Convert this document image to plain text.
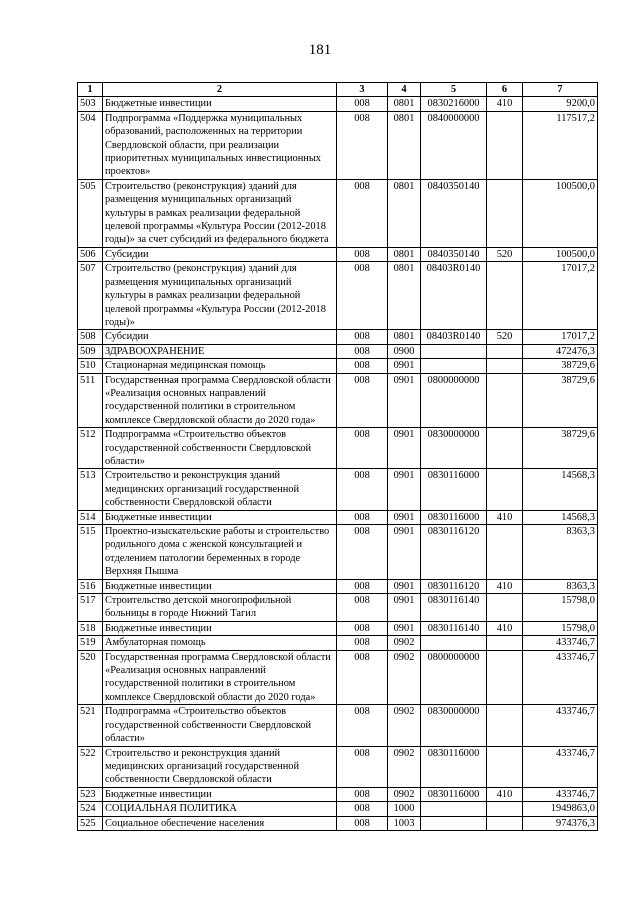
181
1	2	3	4	5	6	7
503	Бюджетные инвестиции	008	0801	0830216000	410	9200,0
504	Подпрограмма «Поддержка муниципальных образований, расположенных на территории Свердловской области, при реализации приоритетных муниципальных инвестиционных проектов»	008	0801	0840000000		117517,2
505	Строительство (реконструкция) зданий для размещения муниципальных организаций культуры в рамках реализации федеральной целевой программы «Культура России (2012-2018 годы)» за счет субсидий из федерального бюджета	008	0801	0840350140		100500,0
506	Субсидии	008	0801	0840350140	520	100500,0
507	Строительство (реконструкция) зданий для размещения муниципальных организаций культуры в рамках реализации федеральной целевой программы «Культура России (2012-2018 годы)»	008	0801	08403R0140		17017,2
508	Субсидии	008	0801	08403R0140	520	17017,2
509	ЗДРАВООХРАНЕНИЕ	008	0900			472476,3
510	Стационарная медицинская помощь	008	0901			38729,6
511	Государственная программа Свердловской области «Реализация основных направлений государственной политики в строительном комплексе Свердловской области до 2020 года»	008	0901	0800000000		38729,6
512	Подпрограмма «Строительство объектов государственной собственности Свердловской области»	008	0901	0830000000		38729,6
513	Строительство и реконструкция зданий медицинских организаций государственной собственности Свердловской области	008	0901	0830116000		14568,3
514	Бюджетные инвестиции	008	0901	0830116000	410	14568,3
515	Проектно-изыскательские работы и строительство родильного дома с женской консультацией и отделением патологии беременных в городе Верхняя Пышма	008	0901	0830116120		8363,3
516	Бюджетные инвестиции	008	0901	0830116120	410	8363,3
517	Строительство детской многопрофильной больницы в городе Нижний Тагил	008	0901	0830116140		15798,0
518	Бюджетные инвестиции	008	0901	0830116140	410	15798,0
519	Амбулаторная помощь	008	0902			433746,7
520	Государственная программа Свердловской области «Реализация основных направлений государственной политики в строительном комплексе Свердловской области до 2020 года»	008	0902	0800000000		433746,7
521	Подпрограмма «Строительство объектов государственной собственности Свердловской области»	008	0902	0830000000		433746,7
522	Строительство и реконструкция зданий медицинских организаций государственной собственности Свердловской области	008	0902	0830116000		433746,7
523	Бюджетные инвестиции	008	0902	0830116000	410	433746,7
524	СОЦИАЛЬНАЯ ПОЛИТИКА	008	1000			1949863,0
525	Социальное обеспечение населения	008	1003			974376,3
